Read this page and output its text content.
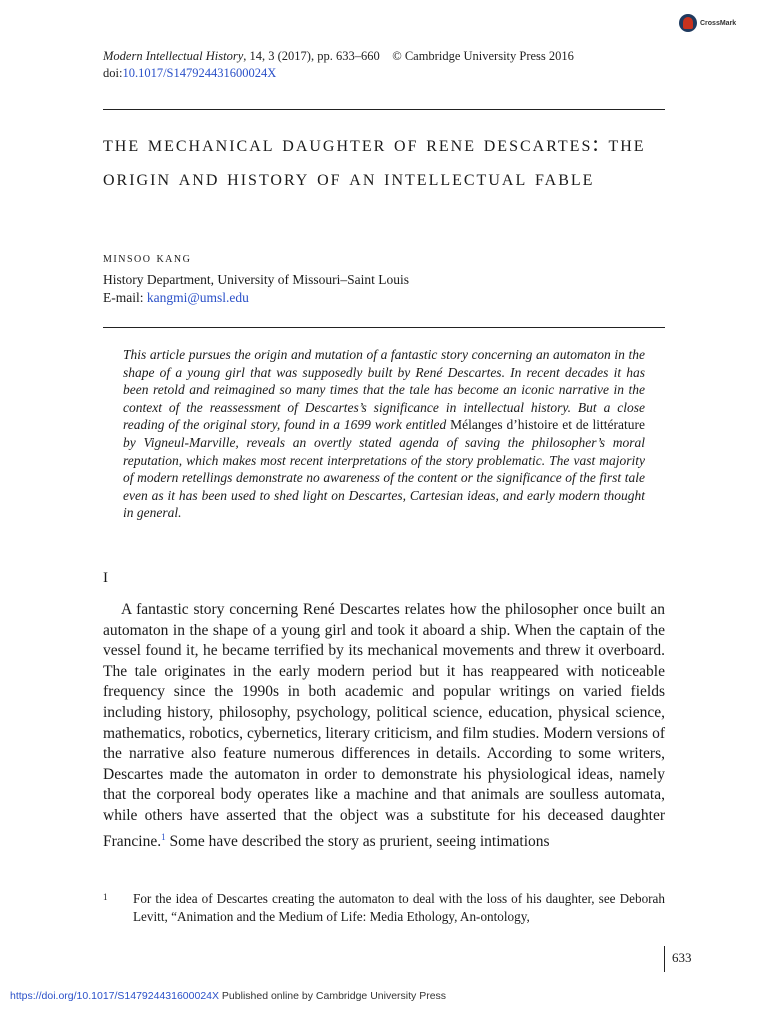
CrossMark
Modern Intellectual History, 14, 3 (2017), pp. 633–660 © Cambridge University Press 2016
doi:10.1017/S147924431600024X
the mechanical daughter of rene descartes: the origin and history of an intellectual fable
minsoo kang
History Department, University of Missouri–Saint Louis
E-mail: kangmi@umsl.edu

This article pursues the origin and mutation of a fantastic story concerning an automaton in the shape of a young girl that was supposedly built by René Descartes. In recent decades it has been retold and reimagined so many times that the tale has become an iconic narrative in the context of the reassessment of Descartes’s significance in intellectual history. But a close reading of the original story, found in a 1699 work entitled Mélanges d’histoire et de littérature by Vigneul-Marville, reveals an overtly stated agenda of saving the philosopher’s moral reputation, which makes most recent interpretations of the story problematic. The vast majority of modern retellings demonstrate no awareness of the content or the significance of the first tale even as it has been used to shed light on Descartes, Cartesian ideas, and early modern thought in general.

I

A fantastic story concerning René Descartes relates how the philosopher once built an automaton in the shape of a young girl and took it aboard a ship. When the captain of the vessel found it, he became terrified by its mechanical movements and threw it overboard. The tale originates in the early modern period but it has reappeared with noticeable frequency since the 1990s in both academic and popular writings on varied fields including history, philosophy, psychology, political science, education, physical science, mathematics, robotics, cybernetics, literary criticism, and film studies. Modern versions of the narrative also feature numerous differences in details. According to some writers, Descartes made the automaton in order to demonstrate his physiological ideas, namely that the corporeal body operates like a machine and that animals are soulless automata, while others have asserted that the object was a substitute for his deceased daughter Francine.$^1$ Some have described the story as prurient, seeing intimations

1 For the idea of Descartes creating the automaton to deal with the loss of his daughter, see Deborah Levitt, “Animation and the Medium of Life: Media Ethology, An-ontology,
633
https://doi.org/10.1017/S147924431600024X Published online by Cambridge University Press
